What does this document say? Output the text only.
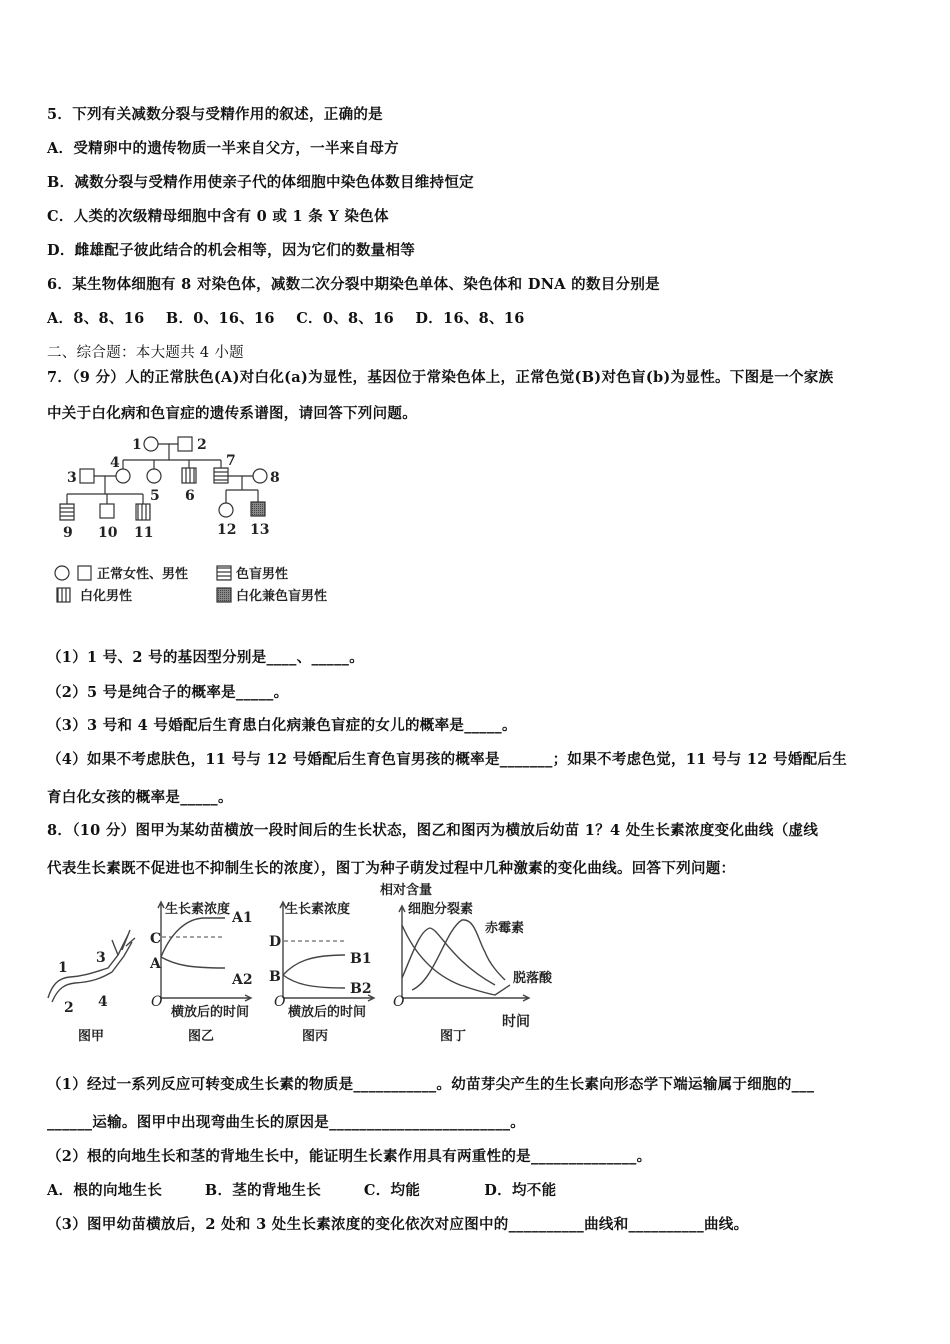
5．下列有关减数分裂与受精作用的叙述，正确的是
A．受精卵中的遗传物质一半来自父方，一半来自母方
B．减数分裂与受精作用使亲子代的体细胞中染色体数目维持恒定
C．人类的次级精母细胞中含有 0 或 1 条 Y 染色体
D．雌雄配子彼此结合的机会相等，因为它们的数量相等
6．某生物体细胞有 8 对染色体，减数二次分裂中期染色单体、染色体和 DNA 的数目分别是
A．8、8、16    B．0、16、16    C．0、8、16    D．16、8、16
二、综合题：本大题共 4 小题
7．（9 分）人的正常肤色(A)对白化(a)为显性，基因位于常染色体上，正常色觉(B)对色盲(b)为显性。下图是一个家族
中关于白化病和色盲症的遗传系谱图，请回答下列问题。
1	2
3
4
5 6
7
8
9 10 11	12 13
正常女性、男性	色盲男性
白化男性	白化兼色盲男性
（1）1 号、2 号的基因型分别是____、_____。
（2）5 号是纯合子的概率是_____。
（3）3 号和 4 号婚配后生育患白化病兼色盲症的女儿的概率是_____。
（4）如果不考虑肤色，11 号与 12 号婚配后生育色盲男孩的概率是_______；如果不考虑色觉，11 号与 12 号婚配后生
育白化女孩的概率是_____。
8．（10 分）图甲为某幼苗横放一段时间后的生长状态，图乙和图丙为横放后幼苗 1？4 处生长素浓度变化曲线（虚线
代表生长素既不促进也不抑制生长的浓度），图丁为种子萌发过程中几种激素的变化曲线。回答下列问题：
1
2
3
4
图甲
生长素浓度
C
A
A1
A2
O
横放后的时间
图乙
生长素浓度
D
B
B1
B2
O
横放后的时间
图丙
相对含量
细胞分裂素
赤霉素
脱落酸
O
时间
图丁
（1）经过一系列反应可转变成生长素的物质是___________。幼苗芽尖产生的生长素向形态学下端运输属于细胞的___
______运输。图甲中出现弯曲生长的原因是________________________。
（2）根的向地生长和茎的背地生长中，能证明生长素作用具有两重性的是______________。
A．根的向地生长        B．茎的背地生长        C．均能            D．均不能
（3）图甲幼苗横放后，2 处和 3 处生长素浓度的变化依次对应图中的__________曲线和__________曲线。
